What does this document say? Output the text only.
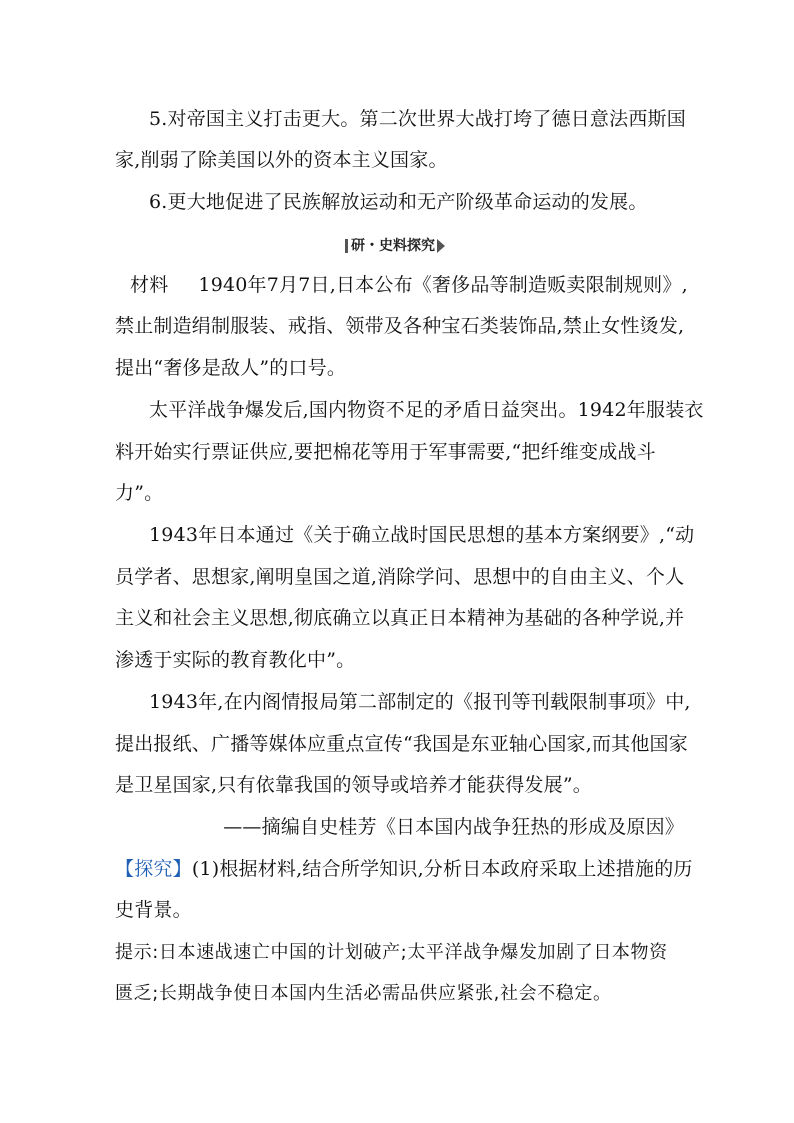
5.对帝国主义打击更大。第二次世界大战打垮了德日意法西斯国
家,削弱了除美国以外的资本主义国家。
6.更大地促进了民族解放运动和无产阶级革命运动的发展。
研・史料探究
材料 1940年7月7日,日本公布《奢侈品等制造贩卖限制规则》,
禁止制造绢制服装、戒指、领带及各种宝石类装饰品,禁止女性烫发,
提出“奢侈是敌人”的口号。
太平洋战争爆发后,国内物资不足的矛盾日益突出。1942年服装衣
料开始实行票证供应,要把棉花等用于军事需要,“把纤维变成战斗
力”。
1943年日本通过《关于确立战时国民思想的基本方案纲要》,“动
员学者、思想家,阐明皇国之道,消除学问、思想中的自由主义、个人
主义和社会主义思想,彻底确立以真正日本精神为基础的各种学说,并
渗透于实际的教育教化中”。
1943年,在内阁情报局第二部制定的《报刊等刊载限制事项》中,
提出报纸、广播等媒体应重点宣传“我国是东亚轴心国家,而其他国家
是卫星国家,只有依靠我国的领导或培养才能获得发展”。
——摘编自史桂芳《日本国内战争狂热的形成及原因》
【探究】(1)根据材料,结合所学知识,分析日本政府采取上述措施的历
史背景。
提示:日本速战速亡中国的计划破产;太平洋战争爆发加剧了日本物资
匮乏;长期战争使日本国内生活必需品供应紧张,社会不稳定。
